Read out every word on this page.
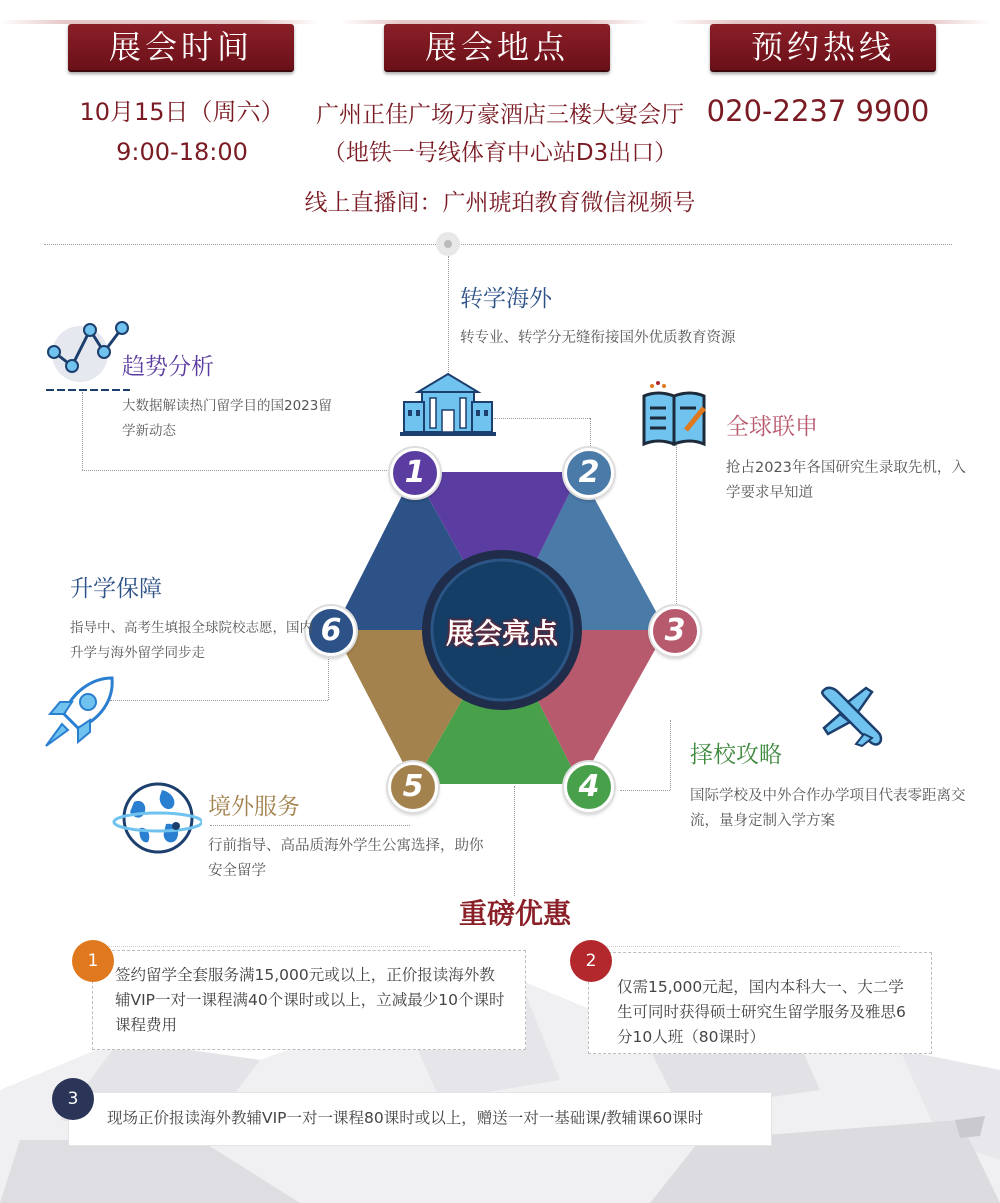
展会时间	展会地点	预约热线
10月15日（周六）
9:00-18:00
广州正佳广场万豪酒店三楼大宴会厅
（地铁一号线体育中心站D3出口）
线上直播间：广州琥珀教育微信视频号
020-2237 9900
展会亮点
1	2
3
4
5
6
转学海外
转专业、转学分无缝衔接国外优质教育资源
趋势分析
大数据解读热门留学目的国2023留学新动态	全球联申
抢占2023年各国研究生录取先机，入学要求早知道
升学保障
指导中、高考生填报全球院校志愿，国内升学与海外留学同步走
择校攻略
国际学校及中外合作办学项目代表零距离交流，量身定制入学方案
境外服务
行前指导、高品质海外学生公寓选择，助你安全留学
重磅优惠
签约留学全套服务满15,000元或以上，正价报读海外教辅VIP一对一课程满40个课时或以上，立减最少10个课时课程费用
1
仅需15,000元起，国内本科大一、大二学生可同时获得硕士研究生留学服务及雅思6分10人班（80课时）
2
现场正价报读海外教辅VIP一对一课程80课时或以上，赠送一对一基础课/教辅课60课时
3
